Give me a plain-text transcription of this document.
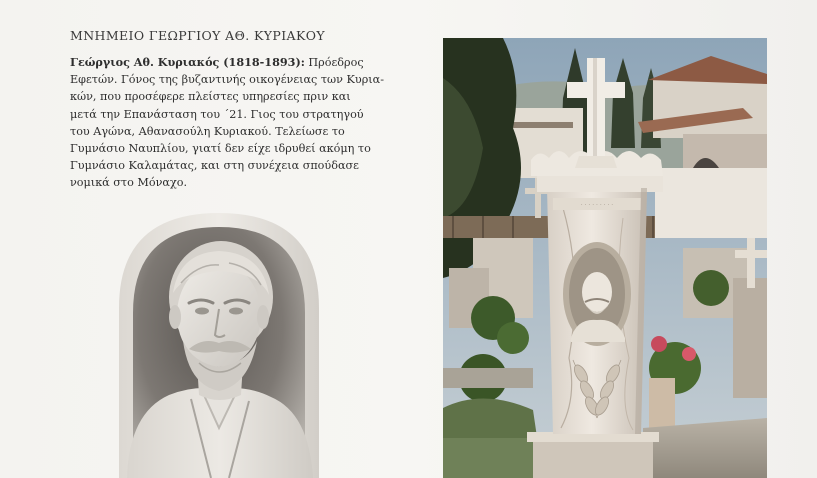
ΜΝΗΜΕΙΟ ΓΕΩΡΓΙΟΥ ΑΘ. ΚΥΡΙΑΚΟΥ
Γεώργιος Αθ. Κυριακός (1818-1893): Πρόεδρος
Εφετών. Γόνος της βυζαντινής οικογένειας των Κυρια-
κών, που προσέφερε πλείστες υπηρεσίες πριν και
μετά την Επανάσταση του ΄21. Γιος του στρατηγού
του Αγώνα, Αθανασούλη Κυριακού. Τελείωσε το
Γυμνάσιο Ναυπλίου, γιατί δεν είχε ιδρυθεί ακόμη το
Γυμνάσιο Καλαμάτας, και στη συνέχεια σπούδασε
νομικά στο Μόναχο.
· · · · · · · · ·
